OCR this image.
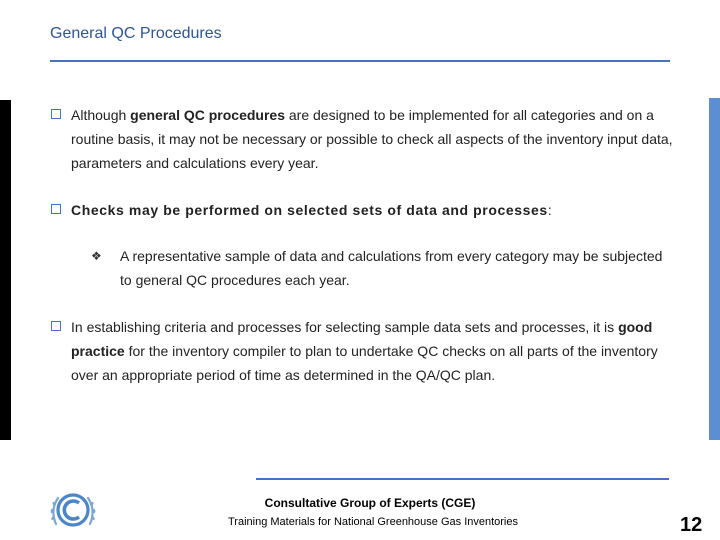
General QC Procedures
Although general QC procedures are designed to be implemented for all categories and on a routine basis, it may not be necessary or possible to check all aspects of the inventory input data, parameters and calculations every year.
Checks may be performed on selected sets of data and processes:
❖ A representative sample of data and calculations from every category may be subjected to general QC procedures each year.
In establishing criteria and processes for selecting sample data sets and processes, it is good practice for the inventory compiler to plan to undertake QC checks on all parts of the inventory over an appropriate period of time as determined in the QA/QC plan.
Consultative Group of Experts (CGE)
Training Materials for National Greenhouse Gas Inventories	12
